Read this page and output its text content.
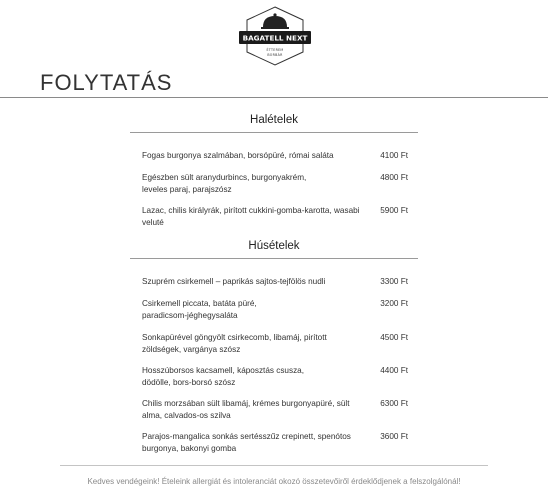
BAGATELL NEXT
ÉTTEREM
BORBÁR
FOLYTATÁS
Halételek
Fogas burgonya szalmában, borsópüré, római saláta	4100 Ft
Egészben sült aranydurbincs, burgonyakrém, leveles paraj, parajszósz
4800 Ft
Lazac, chilis királyrák, pirított cukkini-gomba-karotta, wasabi veluté
5900 Ft
Húsételek
Szuprém csirkemell – paprikás sajtos-tejfölös nudli	3300 Ft
Csirkemell piccata, batáta püré, paradicsom-jéghegysaláta
3200 Ft
Sonkapürével göngyölt csirkecomb, libamáj, pirított zöldségek, vargánya szósz
4500 Ft
Hosszúborsos kacsamell, káposztás csusza, dödölle, bors-borsó szósz
4400 Ft
Chilis morzsában sült libamáj, krémes burgonyapüré, sült alma, calvados-os szilva
6300 Ft
Parajos-mangalica sonkás sertésszűz crepinett, spenótos burgonya, bakonyi gomba
3600 Ft
Kedves vendégeink! Ételeink allergiát és intoleranciát okozó összetevőiről érdeklődjenek a felszolgálónál!
